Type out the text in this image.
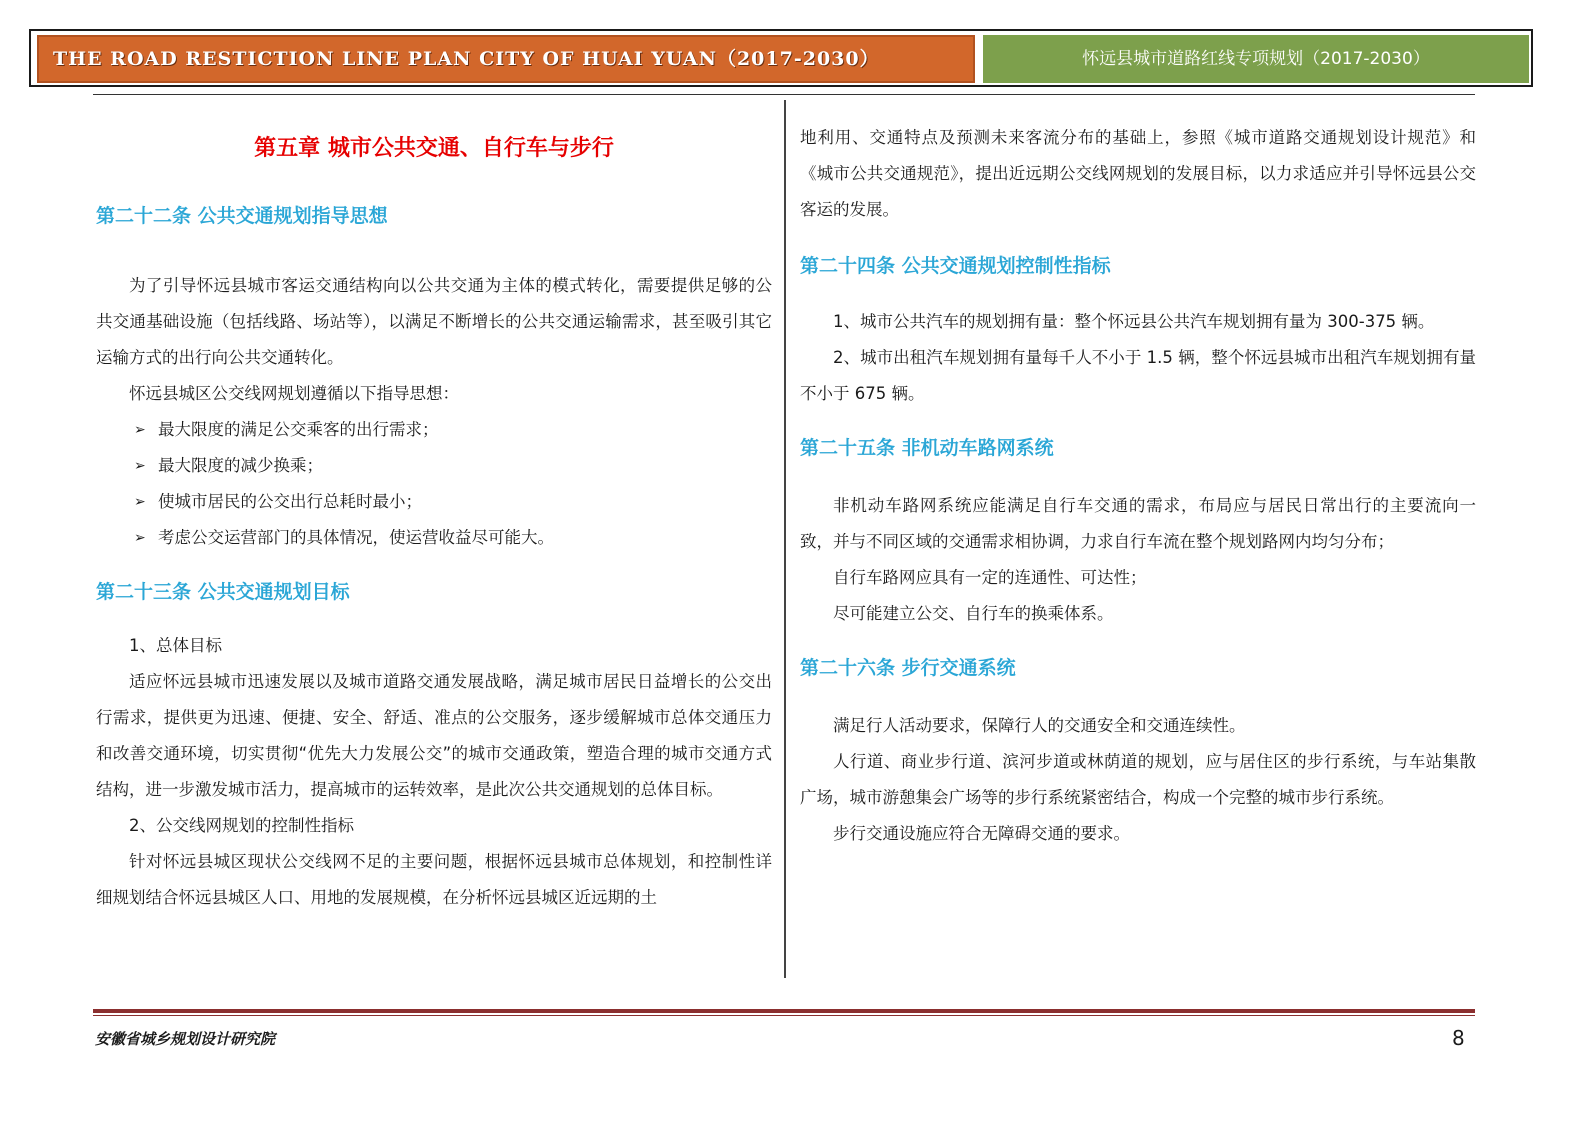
THE ROAD RESTICTION LINE PLAN CITY OF HUAI YUAN（2017-2030）	怀远县城市道路红线专项规划（2017-2030）
第五章 城市公共交通、自行车与步行
第二十二条 公共交通规划指导思想

为了引导怀远县城市客运交通结构向以公共交通为主体的模式转化，需要提供足够的公共交通基础设施（包括线路、场站等），以满足不断增长的公共交通运输需求，甚至吸引其它运输方式的出行向公共交通转化。

怀远县城区公交线网规划遵循以下指导思想：

➢ 最大限度的满足公交乘客的出行需求；
➢ 最大限度的减少换乘；
➢ 使城市居民的公交出行总耗时最小；
➢ 考虑公交运营部门的具体情况，使运营收益尽可能大。
第二十三条 公共交通规划目标

1、总体目标

适应怀远县城市迅速发展以及城市道路交通发展战略，满足城市居民日益增长的公交出行需求，提供更为迅速、便捷、安全、舒适、准点的公交服务，逐步缓解城市总体交通压力和改善交通环境，切实贯彻“优先大力发展公交”的城市交通政策，塑造合理的城市交通方式结构，进一步激发城市活力，提高城市的运转效率，是此次公共交通规划的总体目标。

2、公交线网规划的控制性指标

针对怀远县城区现状公交线网不足的主要问题，根据怀远县城市总体规划，和控制性详细规划结合怀远县城区人口、用地的发展规模，在分析怀远县城区近远期的土

地利用、交通特点及预测未来客流分布的基础上，参照《城市道路交通规划设计规范》和《城市公共交通规范》，提出近远期公交线网规划的发展目标，以力求适应并引导怀远县公交客运的发展。

第二十四条 公共交通规划控制性指标

1、城市公共汽车的规划拥有量：整个怀远县公共汽车规划拥有量为 300-375 辆。

2、城市出租汽车规划拥有量每千人不小于 1.5 辆，整个怀远县城市出租汽车规划拥有量不小于 675 辆。

第二十五条 非机动车路网系统

非机动车路网系统应能满足自行车交通的需求，布局应与居民日常出行的主要流向一致，并与不同区域的交通需求相协调，力求自行车流在整个规划路网内均匀分布；

自行车路网应具有一定的连通性、可达性；

尽可能建立公交、自行车的换乘体系。

第二十六条 步行交通系统

满足行人活动要求，保障行人的交通安全和交通连续性。

人行道、商业步行道、滨河步道或林荫道的规划，应与居住区的步行系统，与车站集散广场，城市游憩集会广场等的步行系统紧密结合，构成一个完整的城市步行系统。

步行交通设施应符合无障碍交通的要求。

安徽省城乡规划设计研究院	8
